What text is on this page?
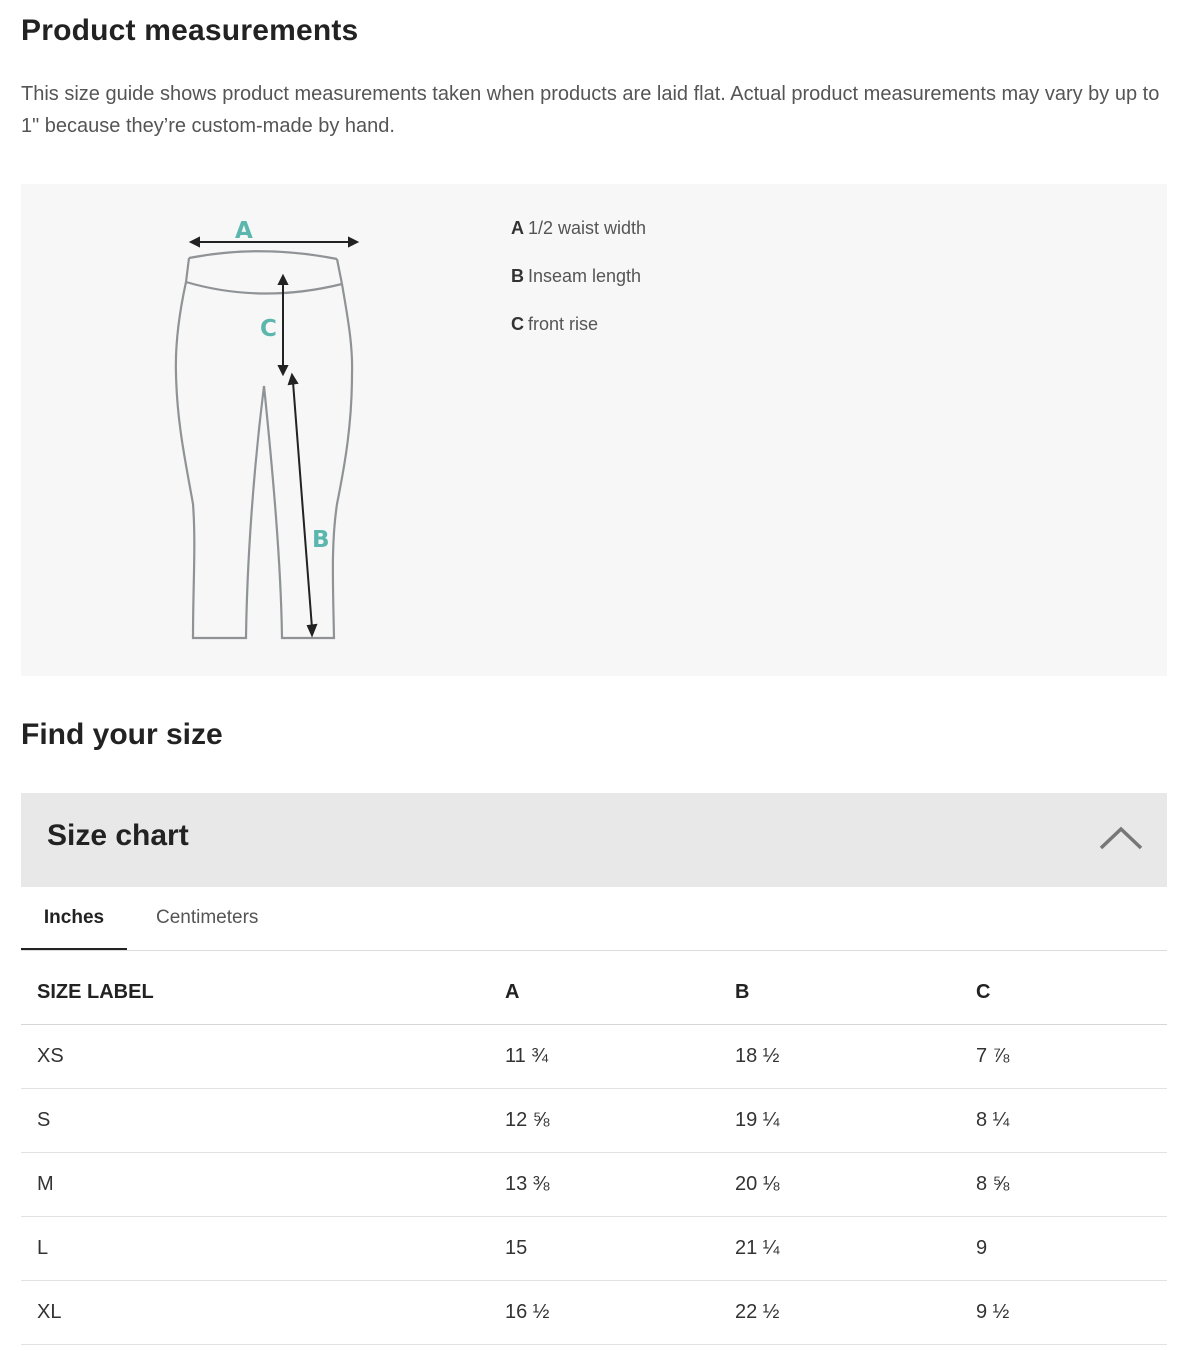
Product measurements

This size guide shows product measurements taken when products are laid flat. Actual product measurements may vary by up to 1" because they’re custom-made by hand.

A
C
B
A 1/2 waist width
B Inseam length
C front rise
Find your size
Size chart
Inches	Centimeters
SIZE LABEL	A	B	C
XS	11 ¾	18 ½	7 ⅞
S	12 ⅝	19 ¼	8 ¼
M	13 ⅜	20 ⅛	8 ⅝
L	15	21 ¼	9
XL	16 ½	22 ½	9 ½
